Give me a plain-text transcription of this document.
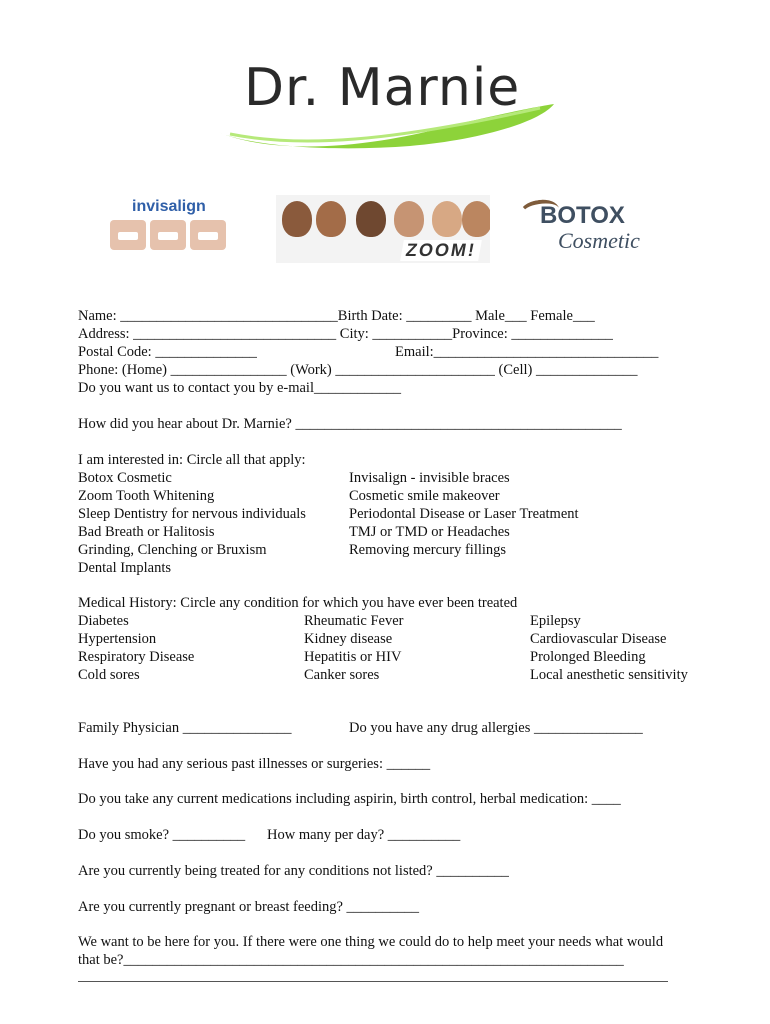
Dr. Marnie
invisalign
ZOOM!
BOTOX
Cosmetic
Name: ______________________________Birth Date: _________ Male___ Female___
Address: ____________________________ City: ___________Province: ______________
Postal Code: ______________	Email:_______________________________
Phone: (Home) ________________ (Work) ______________________ (Cell) ______________
Do you want us to contact you by e-mail____________
How did you hear about Dr. Marnie? _____________________________________________
I am interested in: Circle all that apply:
Botox Cosmetic
Zoom Tooth Whitening
Sleep Dentistry for nervous individuals
Bad Breath or Halitosis
Grinding, Clenching or Bruxism
Dental Implants
Invisalign - invisible braces
Cosmetic smile makeover
Periodontal Disease or Laser Treatment
TMJ or TMD or Headaches
Removing mercury fillings
Medical History: Circle any condition for which you have ever been treated
Diabetes
Hypertension
Respiratory Disease
Cold sores
Rheumatic Fever
Kidney disease
Hepatitis or HIV
Canker sores
Epilepsy
Cardiovascular Disease
Prolonged Bleeding
Local anesthetic sensitivity
Family Physician _______________	Do you have any drug allergies _______________
Have you had any serious past illnesses or surgeries: ______
Do you take any current medications including aspirin, birth control, herbal medication: ____
Do you smoke? __________ How many per day? __________
Are you currently being treated for any conditions not listed? __________
Are you currently pregnant or breast feeding? __________
We want to be here for you. If there were one thing we could do to help meet your needs what would
that be?_____________________________________________________________________
